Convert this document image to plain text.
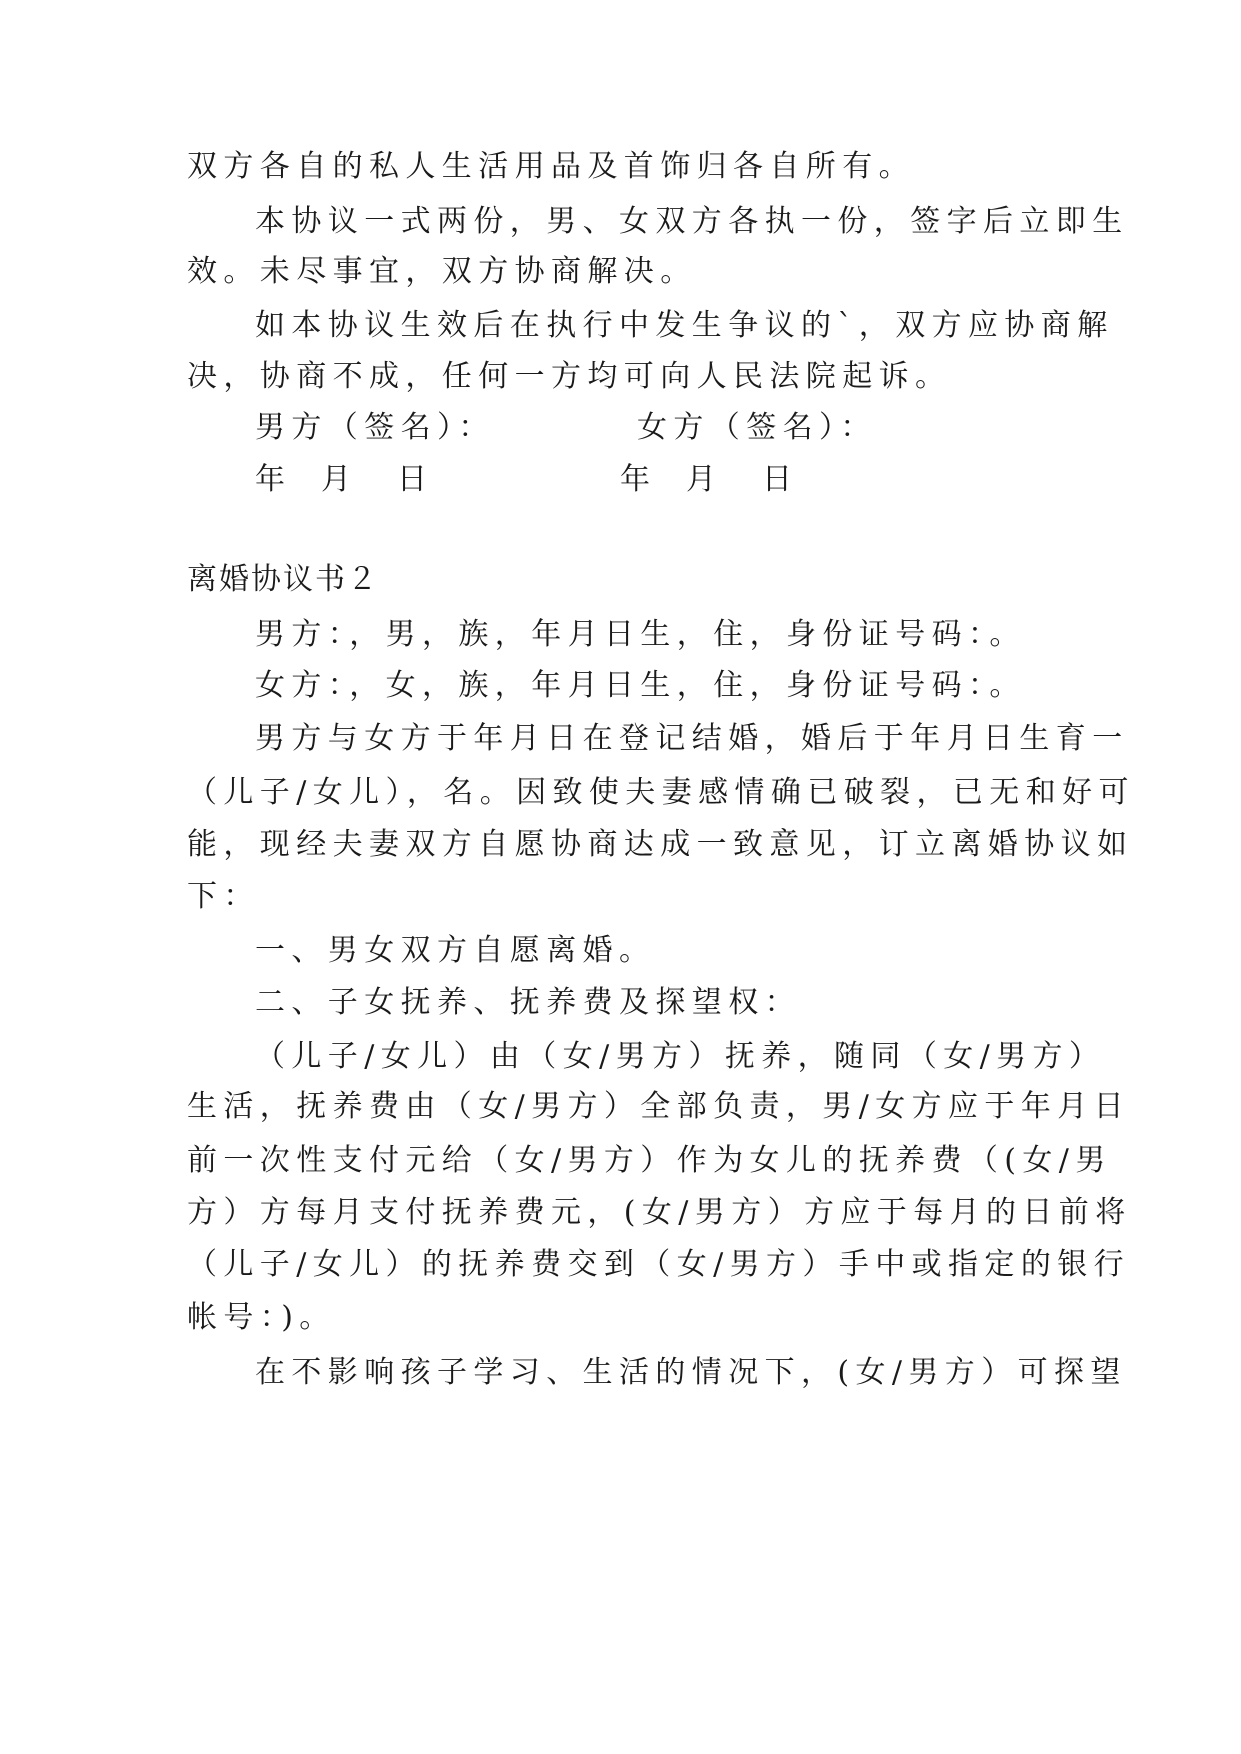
双方各自的私人生活用品及首饰归各自所有。

本协议一式两份，男、女双方各执一份，签字后立即生

效。未尽事宜，双方协商解决。

如本协议生效后在执行中发生争议的`，双方应协商解

决，协商不成，任何一方均可向人民法院起诉。

男方（签名）：	女方（签名）：

年 月 日	年 月 日

离婚协议书２

男方：，男，族，年月日生，住，身份证号码：。

女方：，女，族，年月日生，住，身份证号码：。

男方与女方于年月日在登记结婚，婚后于年月日生育一

（儿子/女儿），名。因致使夫妻感情确已破裂，已无和好可

能，现经夫妻双方自愿协商达成一致意见，订立离婚协议如

下：

一、男女双方自愿离婚。

二、子女抚养、抚养费及探望权：

（儿子/女儿）由（女/男方）抚养，随同（女/男方）

生活，抚养费由（女/男方）全部负责，男/女方应于年月日

前一次性支付元给（女/男方）作为女儿的抚养费（(女/男

方）方每月支付抚养费元，(女/男方）方应于每月的日前将

（儿子/女儿）的抚养费交到（女/男方）手中或指定的银行

帐号：)。

在不影响孩子学习、生活的情况下，(女/男方）可探望
